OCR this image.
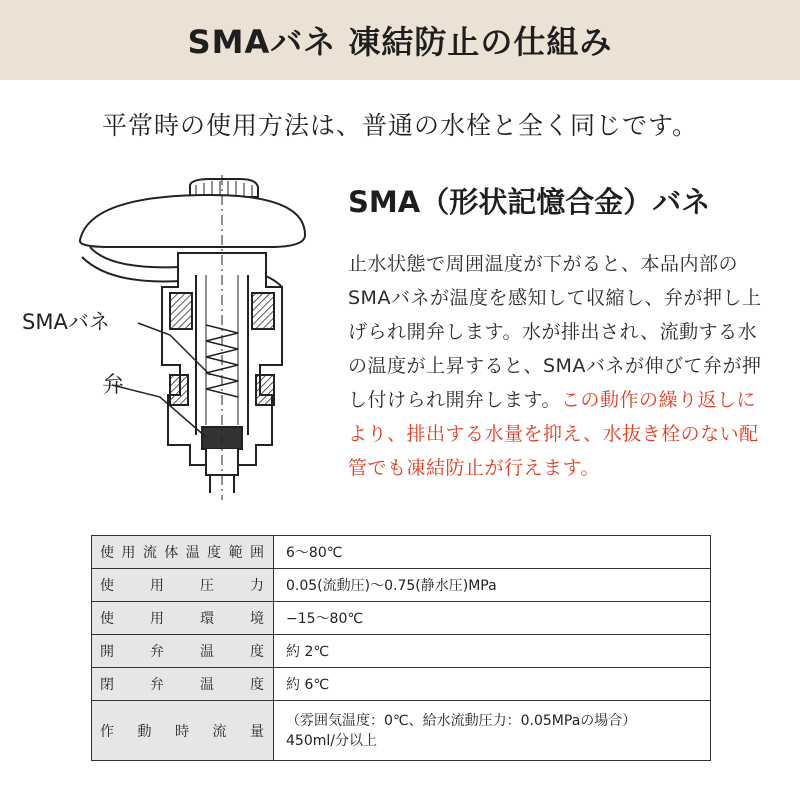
SMAバネ 凍結防止の仕組み
平常時の使用方法は、普通の水栓と全く同じです。
SMAバネ
弁
SMA（形状記憶合金）バネ
止水状態で周囲温度が下がると、本品内部のSMAバネが温度を感知して収縮し、弁が押し上げられ開弁します。水が排出され、流動する水の温度が上昇すると、SMAバネが伸びて弁が押し付けられ開弁します。この動作の繰り返しにより、排出する水量を抑え、水抜き栓のない配管でも凍結防止が行えます。
使用流体温度範囲	6～80℃
使用圧力	0.05(流動圧)～0.75(静水圧)MPa
使用環境	−15～80℃
開弁温度	約 2℃
閉弁温度	約 6℃
作動時流量	（雰囲気温度：0℃、給水流動圧力：0.05MPaの場合）
450ml/分以上
